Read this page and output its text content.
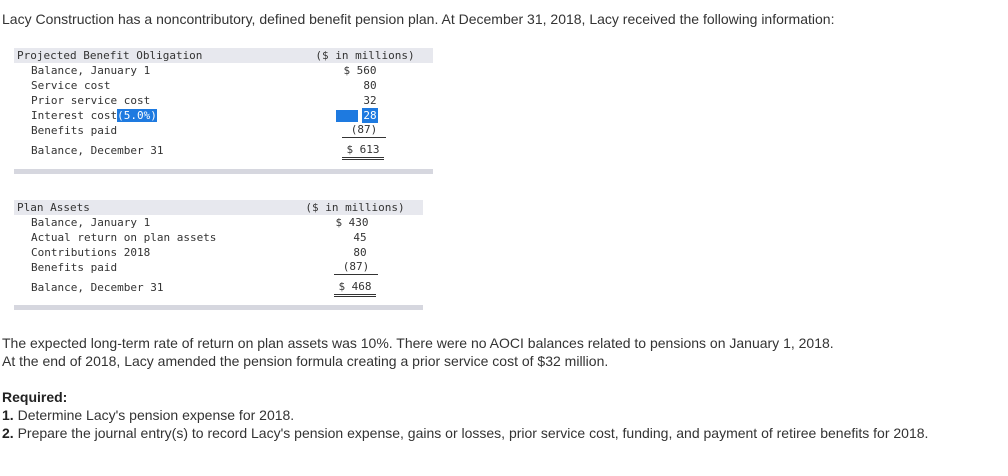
Lacy Construction has a noncontributory, defined benefit pension plan. At December 31, 2018, Lacy received the following information:
Projected Benefit Obligation	($ in millions)
Balance, January 1	$ 560
Service cost	80
Prior service cost	32
Interest cost(5.0%)	28
Benefits paid	(87)
Balance, December 31	$ 613
Plan Assets	($ in millions)
Balance, January 1	$ 430
Actual return on plan assets	45
Contributions 2018	80
Benefits paid	(87)
Balance, December 31	$ 468
The expected long-term rate of return on plan assets was 10%. There were no AOCI balances related to pensions on January 1, 2018.
At the end of 2018, Lacy amended the pension formula creating a prior service cost of $32 million.
Required:
1. Determine Lacy's pension expense for 2018.
2. Prepare the journal entry(s) to record Lacy's pension expense, gains or losses, prior service cost, funding, and payment of retiree benefits for 2018.
